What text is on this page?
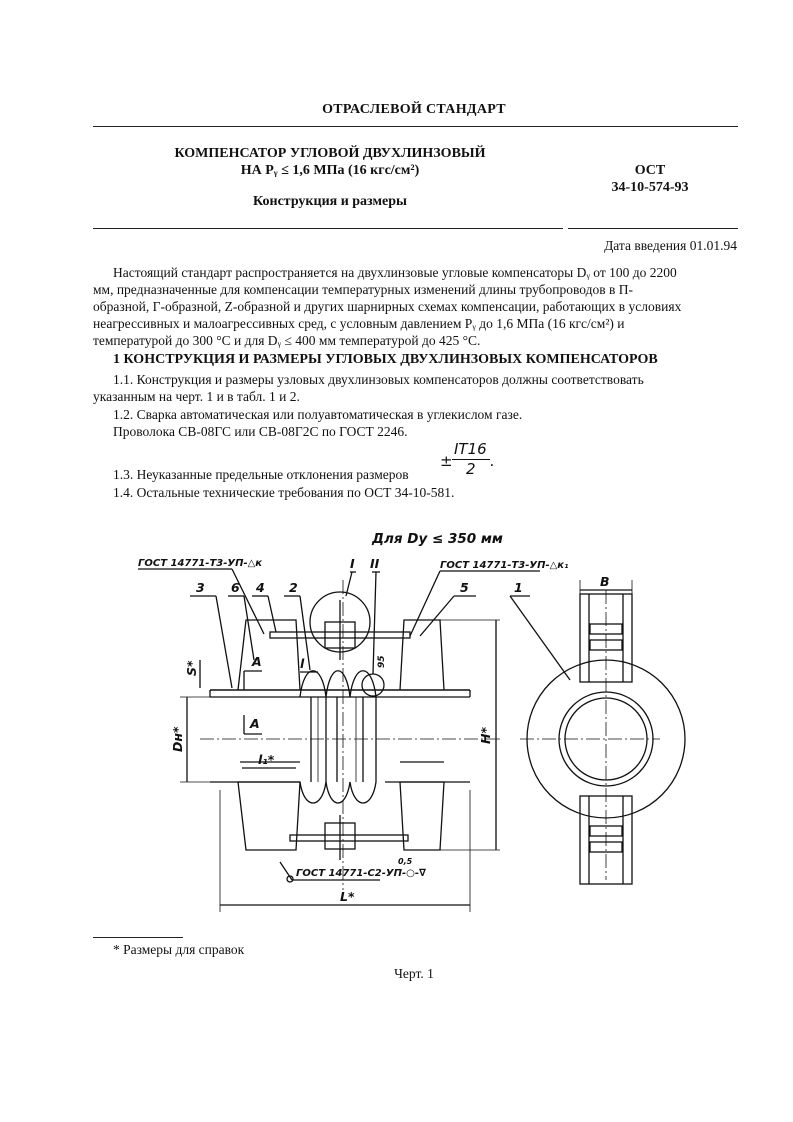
ОТРАСЛЕВОЙ СТАНДАРТ
КОМПЕНСАТОР УГЛОВОЙ ДВУХЛИНЗОВЫЙ
НА Pᵧ ≤ 1,6 МПа (16 кгс/см²)
Конструкция и размеры
ОСТ
34-10-574-93
Дата введения 01.01.94
Настоящий стандарт распространяется на двухлинзовые угловые компенсаторы Dᵧ от 100 до 2200
мм, предназначенные для компенсации температурных изменений длины трубопроводов в П-
образной, Г-образной, Z-образной и других шарнирных схемах компенсации, работающих в условиях
неагрессивных и малоагрессивных сред, с условным давлением Pᵧ до 1,6 МПа (16 кгс/см²) и
температурой до 300 °С и для Dᵧ ≤ 400 мм температурой до 425 °С.
1 КОНСТРУКЦИЯ И РАЗМЕРЫ УГЛОВЫХ ДВУХЛИНЗОВЫХ КОМПЕНСАТОРОВ
1.1. Конструкция и размеры узловых двухлинзовых компенсаторов должны соответствовать
указанным на черт. 1 и в табл. 1 и 2.
1.2. Сварка автоматическая или полуавтоматическая в углекислом газе.
Проволока СВ-08ГС или СВ-08Г2С по ГОСТ 2246.
1.3. Неуказанные предельные отклонения размеров
±
IT16
2 .
1.4. Остальные технические требования по ОСТ 34-10-581.
Для Dу ≤ 350 мм
ГОСТ 14771-Т3-УП-△к	ГОСТ 14771-Т3-УП-△к₁
ГОСТ 14771-С2-УП-○-∇
0,5
I II
1
2
3	4	5
6	В
S*	А
А
l	95
Dн*	Н*
l₁*
L*
* Размеры для справок
Черт. 1
